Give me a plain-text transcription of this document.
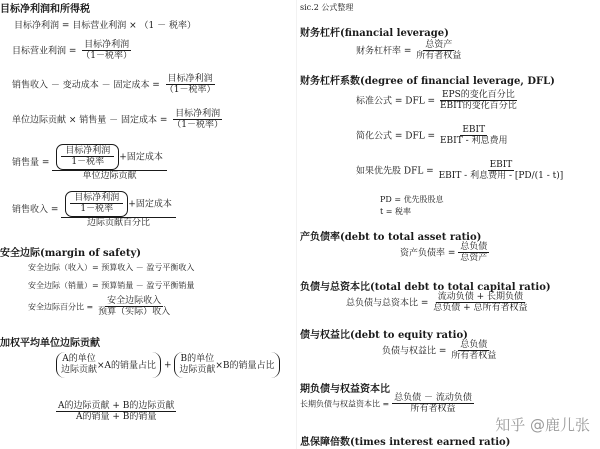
目标净利润和所得税
目标净利润 = 目标营业利润 × （1 － 税率）
目标营业利润 = $\frac{\text{目标净利润}}{\text{（1－税率）}}$
销售收入 － 变动成本 － 固定成本 = $\frac{\text{目标净利润}}{\text{（1－税率）}}$
单位边际贡献 × 销售量 － 固定成本 = $\frac{\text{目标净利润}}{\text{（1－税率）}}$
销售量 = $\frac{\frac{\text{目标净利润}}{\text{1－税率}} +固定成本}{\text{单位边际贡献}}$
销售收入 = $\frac{\frac{\text{目标净利润}}{\text{1－税率}} +固定成本}{\text{边际贡献百分比}}$
安全边际(margin of safety)
安全边际（收入）= 预算收入 － 盈亏平衡收入
安全边际（销量）= 预算销量 － 盈亏平衡销量
安全边际百分比 = $\frac{\text{安全边际收入}}{\text{预算（实际）收入}}$
加权平均单位边际贡献
A的单位
边际贡献 ×A的销量占比 +
B的单位
边际贡献 ×B的销量占比
$\frac{\text{A的边际贡献 + B的边际贡献}}{\text{A的销量 + B的销量}}$
sic.2 公式整理
财务杠杆(financial leverage)
财务杠杆率 = $\frac{\text{总资产}}{\text{所有者权益}}$
财务杠杆系数(degree of financial leverage, DFL)
标准公式 = DFL = $\frac{\text{EPS的变化百分比}}{\text{EBIT的变化百分比}}$
简化公式 = DFL = $\frac{\text{EBIT}}{\text{EBIT - 利息费用}}$
如果优先股 DFL = $\frac{\text{EBIT}}{\text{EBIT - 利息费用 - [PD/(1 - t)]}}$
PD = 优先股股息
t = 税率
产负债率(debt to total asset ratio)
资产负债率 = $\frac{\text{总负债}}{\text{总资产}}$
负债与总资本比(total debt to total capital ratio)
总负债与总资本比 = $\frac{\text{流动负债 + 长期负债}}{\text{总负债 + 总所有者权益}}$
债与权益比(debt to equity ratio)
负债与权益比 = $\frac{\text{总负债}}{\text{所有者权益}}$
期负债与权益资本比
长期负债与权益资本比 = $\frac{\text{总负债 － 流动负债}}{\text{所有者权益}}$
息保障倍数(times interest earned ratio)
知乎 @鹿儿张
